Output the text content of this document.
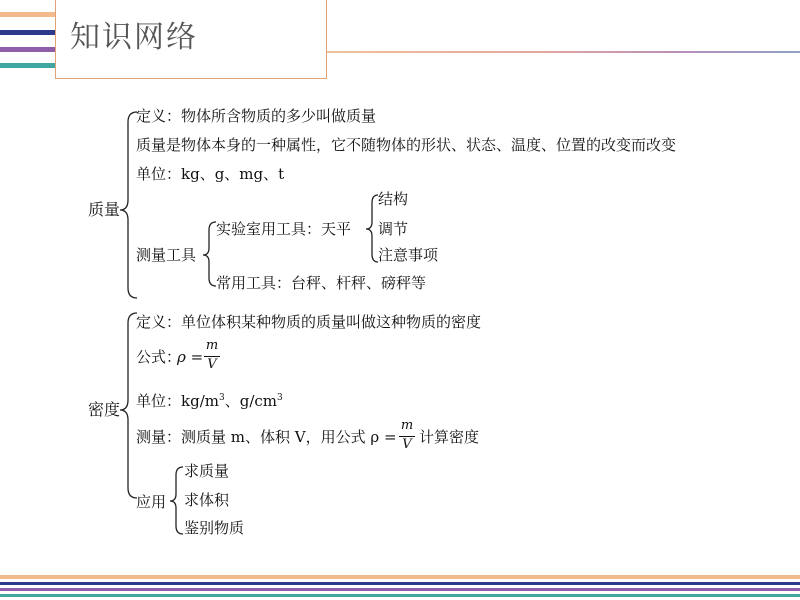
知识网络
质量
定义：物体所含物质的多少叫做质量
质量是物体本身的一种属性，它不随物体的形状、状态、温度、位置的改变而改变
单位：kg、g、mg、t
测量工具
实验室用工具：天平
结构
调节
注意事项
常用工具：台秤、杆秤、磅秤等
密度
定义：单位体积某种物质的质量叫做这种物质的密度
公式：
ρ =
m
V
单位：$kg/m^3$、$g/cm^3$
测量：测质量 m、体积 V，用公式 ρ =
m
V 计算密度
应用
求质量
求体积
鉴别物质
